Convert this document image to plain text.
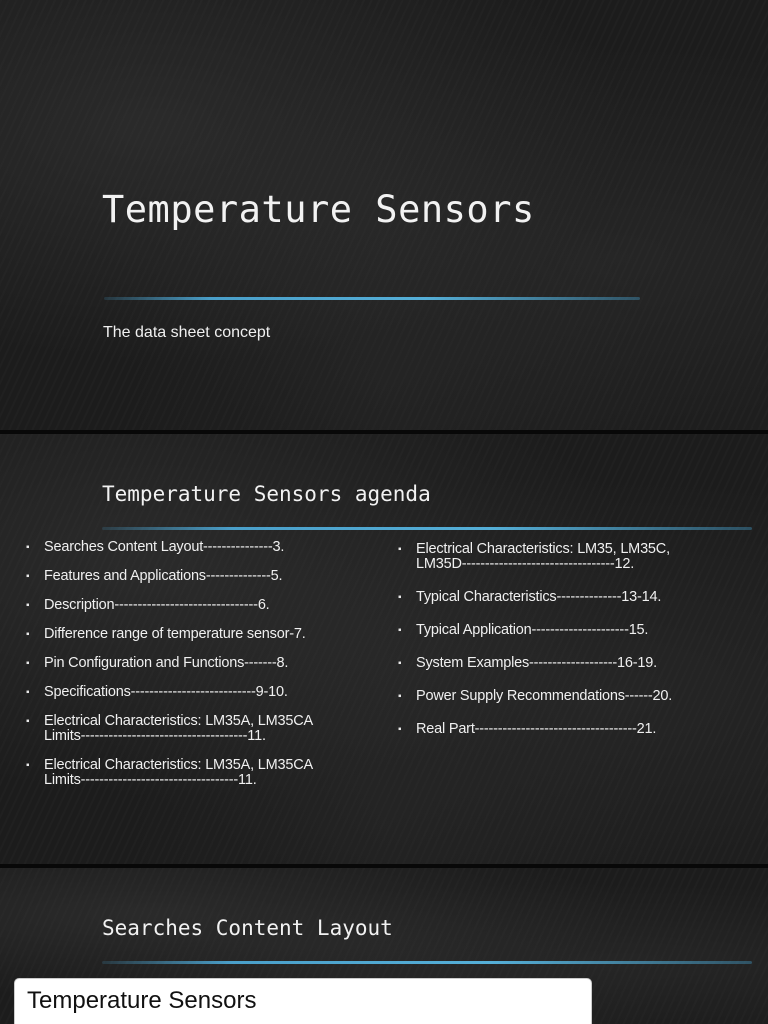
Temperature Sensors
The data sheet concept
Temperature Sensors agenda
▪ Searches Content Layout---------------3.
▪ Features and Applications--------------5.
▪ Description-------------------------------6.
▪ Difference range of temperature sensor-7.
▪ Pin Configuration and Functions-------8.
▪ Specifications---------------------------9-10.
▪ Electrical Characteristics: LM35A, LM35CA
Limits------------------------------------11.
▪ Electrical Characteristics: LM35A, LM35CA
Limits----------------------------------11.
▪ Electrical Characteristics: LM35, LM35C,
LM35D---------------------------------12.
▪ Typical Characteristics--------------13-14.
▪ Typical Application---------------------15.
▪ System Examples-------------------16-19.
▪ Power Supply Recommendations------20.
▪ Real Part-----------------------------------21.
Searches Content Layout
Temperature Sensors
